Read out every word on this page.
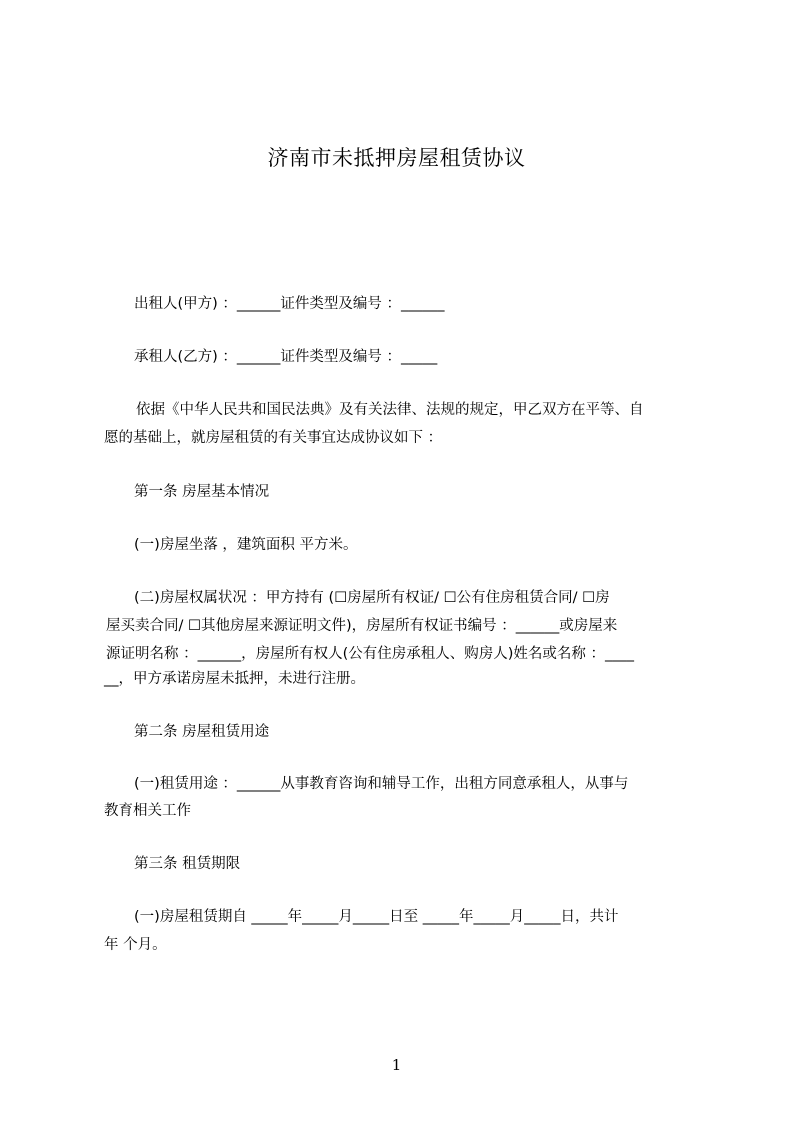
济南市未抵押房屋租赁协议
出租人(甲方) ：______证件类型及编号 ：______
承租人(乙方) ：______证件类型及编号 ：_____
依据《中华人民共和国民法典》及有关法律、法规的规定，甲乙双方在平等、自
愿的基础上，就房屋租赁的有关事宜达成协议如下 ：
第一条 房屋基本情况
(一)房屋坐落 ，建筑面积 平方米。
(二)房屋权属状况 ：甲方持有 (☐房屋所有权证/ ☐公有住房租赁合同/ ☐房
屋买卖合同/ ☐其他房屋来源证明文件)，房屋所有权证书编号 ：______或房屋来
源证明名称 ：______，房屋所有权人(公有住房承租人、购房人)姓名或名称 ：____
__，甲方承诺房屋未抵押，未进行注册。
第二条 房屋租赁用途
(一)租赁用途 ：______从事教育咨询和辅导工作，出租方同意承租人，从事与
教育相关工作
第三条 租赁期限
(一)房屋租赁期自 _____年_____月_____日至 _____年_____月_____日，共计
年 个月。
1
